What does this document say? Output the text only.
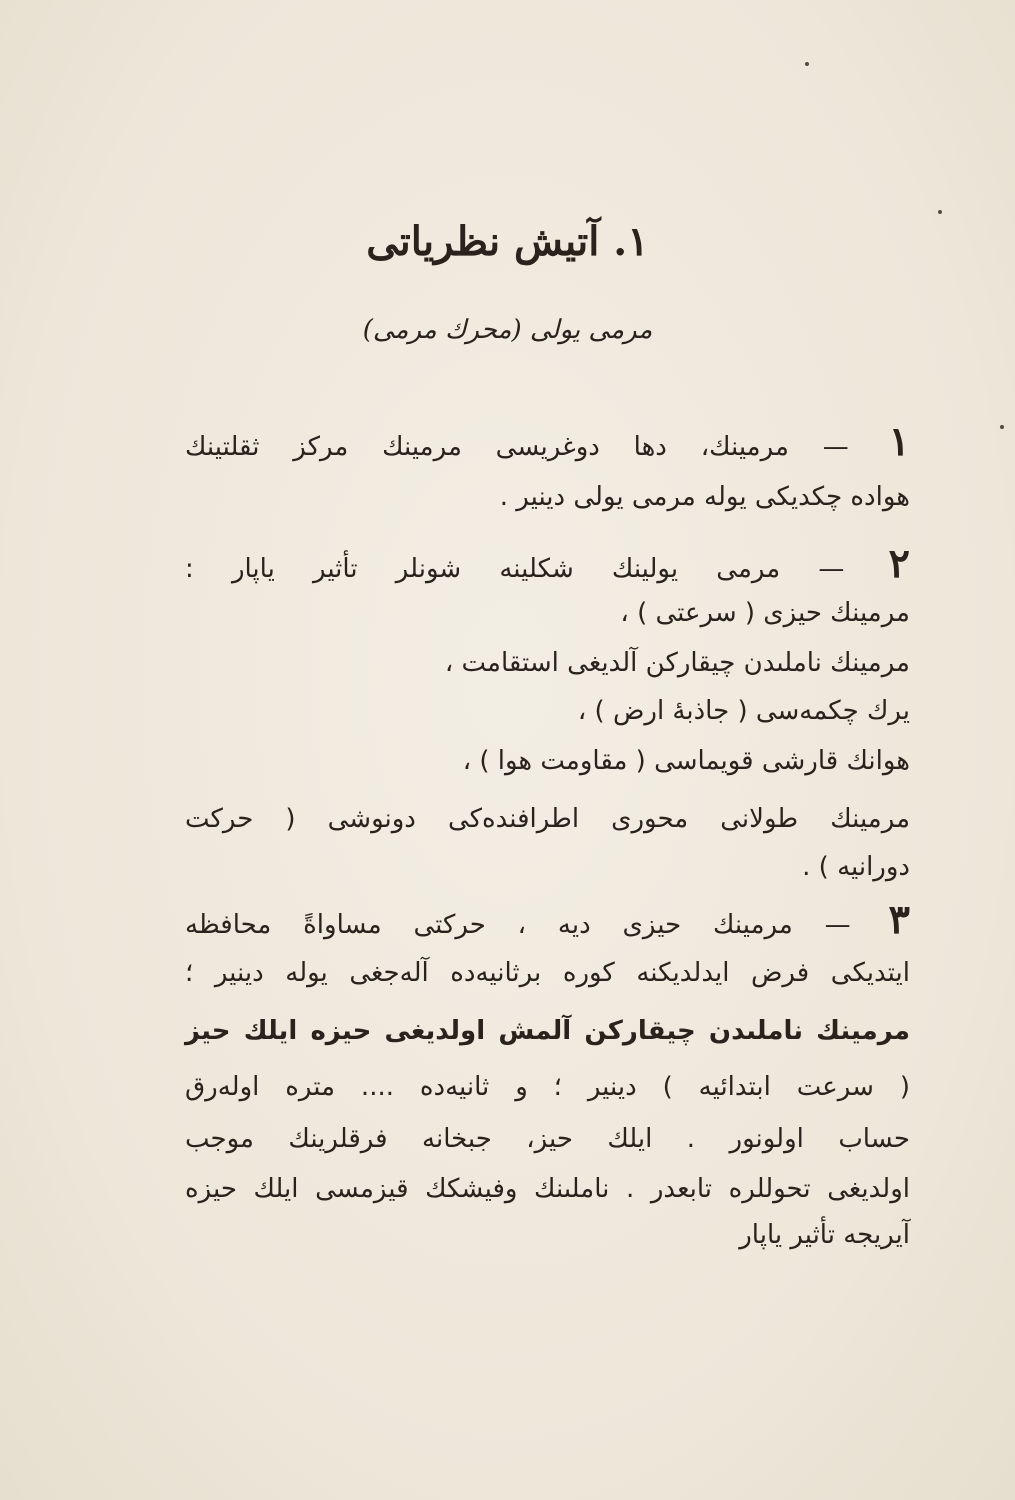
١. آتيش نظرياتى
مرمى يولى (محرك مرمى)
١ — مرمينك، دها دوغريسى مرمينك مركز ثقلتينك
هواده چكديكى يوله مرمى يولى دينير .
٢ — مرمى يولينك شكلينه شونلر تأثير ياپار :
مرمينك حيزى ( سرعتى ) ،
مرمينك ناملىدن چيقاركن آلديغى استقامت ،
يرك چكمه‌سى ( جاذبۀ ارض ) ،
هوانك قارشى قويماسى ( مقاومت هوا ) ،
مرمينك طولانى محورى اطرافنده‌كى دونوشى ( حركت
دورانيه ) .
٣ — مرمينك حيزى ديه ، حركتى مساواةً محافظه
ايتديكى فرض ايدلديكنه كوره برثانيه‌ده آله‌جغى يوله دينير ؛
مرمينك ناملىدن چيقاركن آلمش اولديغى حيزه ايلك حيز
( سرعت ابتدائيه ) دينير ؛ و ثانيه‌ده .... متره اوله‌رق
حساب اولونور . ايلك حيز، جبخانه فرقلرينك موجب
اولديغى تحوللره تابعدر . ناملىنك وفيشكك قيزمسى ايلك حيزه
آيريجه تأثير ياپار
